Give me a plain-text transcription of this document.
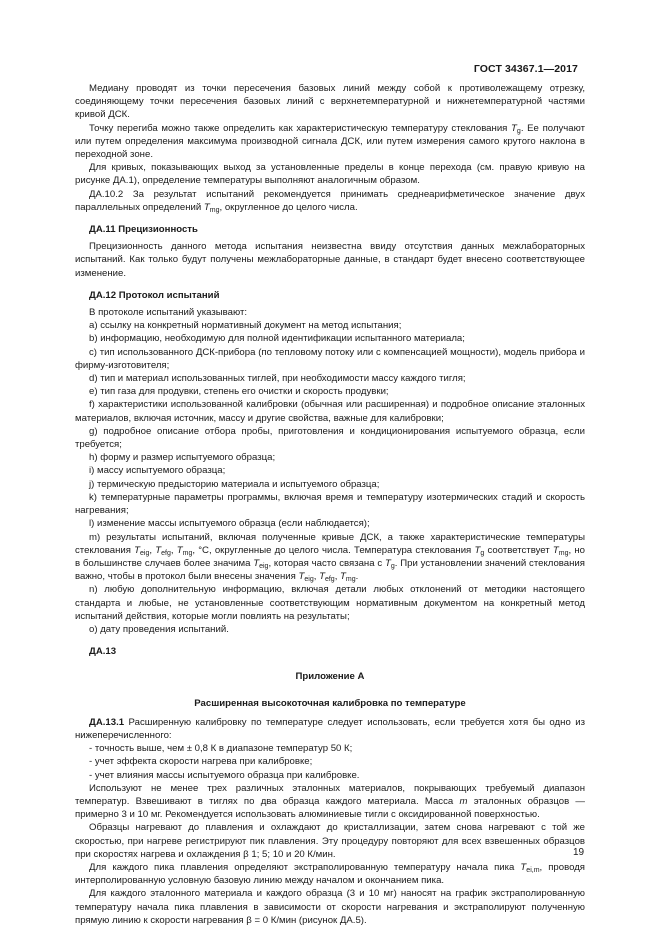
ГОСТ 34367.1—2017

Медиану проводят из точки пересечения базовых линий между собой к противолежащему отрезку, соединяющему точки пересечения базовых линий с верхнетемпературной и нижнетемпературной частями кривой ДСК.

Точку перегиба можно также определить как характеристическую температуру стеклования $T_g$. Ее получают или путем определения максимума производной сигнала ДСК, или путем измерения самого крутого наклона в переходной зоне.

Для кривых, показывающих выход за установленные пределы в конце перехода (см. правую кривую на рисунке ДА.1), определение температуры выполняют аналогичным образом.

ДА.10.2 За результат испытаний рекомендуется принимать среднеарифметическое значение двух параллельных определений $T_{mg}$, округленное до целого числа.

ДА.11 Прецизионность

Прецизионность данного метода испытания неизвестна ввиду отсутствия данных межлабораторных испытаний. Как только будут получены межлабораторные данные, в стандарт будет внесено соответствующее изменение.

ДА.12 Протокол испытаний

В протоколе испытаний указывают:

a) ссылку на конкретный нормативный документ на метод испытания;

b) информацию, необходимую для полной идентификации испытанного материала;

c) тип использованного ДСК-прибора (по тепловому потоку или с компенсацией мощности), модель прибора и фирму-изготовителя;

d) тип и материал использованных тиглей, при необходимости массу каждого тигля;

e) тип газа для продувки, степень его очистки и скорость продувки;

f) характеристики использованной калибровки (обычная или расширенная) и подробное описание эталонных материалов, включая источник, массу и другие свойства, важные для калибровки;

g) подробное описание отбора пробы, приготовления и кондиционирования испытуемого образца, если требуется;

h) форму и размер испытуемого образца;

i) массу испытуемого образца;

j) термическую предысторию материала и испытуемого образца;

k) температурные параметры программы, включая время и температуру изотермических стадий и скорость нагревания;

l) изменение массы испытуемого образца (если наблюдается);

m) результаты испытаний, включая полученные кривые ДСК, а также характеристические температуры стеклования $T_{eig}$, $T_{efg}$, $T_{mg}$, °С, округленные до целого числа. Температура стеклования $T_g$ соответствует $T_{mg}$, но в большинстве случаев более значима $T_{eig}$, которая часто связана с $T_g$. При установлении значений стеклования важно, чтобы в протокол были внесены значения $T_{eig}$, $T_{efg}$, $T_{mg}$.

n) любую дополнительную информацию, включая детали любых отклонений от методики настоящего стандарта и любые, не установленные соответствующим нормативным документом на конкретный метод испытаний действия, которые могли повлиять на результаты;

o) дату проведения испытаний.

ДА.13

Приложение А

Расширенная высокоточная калибровка по температуре

ДА.13.1 Расширенную калибровку по температуре следует использовать, если требуется хотя бы одно из нижеперечисленного:

- точность выше, чем ± 0,8 К в диапазоне температур 50 К;

- учет эффекта скорости нагрева при калибровке;

- учет влияния массы испытуемого образца при калибровке.

Используют не менее трех различных эталонных материалов, покрывающих требуемый диапазон температур. Взвешивают в тиглях по два образца каждого материала. Масса m эталонных образцов — примерно 3 и 10 мг. Рекомендуется использовать алюминиевые тигли с оксидированной поверхностью.

Образцы нагревают до плавления и охлаждают до кристаллизации, затем снова нагревают с той же скоростью, при нагреве регистрируют пик плавления. Эту процедуру повторяют для всех взвешенных образцов при скоростях нагрева и охлаждения β 1; 5; 10 и 20 К/мин.

Для каждого пика плавления определяют экстраполированную температуру начала пика $T_{ei,m}$, проводя интерполированную условную базовую линию между началом и окончанием пика.

Для каждого эталонного материала и каждого образца (3 и 10 мг) наносят на график экстраполированную температуру начала пика плавления в зависимости от скорости нагревания и экстраполируют полученную прямую линию к скорости нагревания β = 0 К/мин (рисунок ДА.5).

19
